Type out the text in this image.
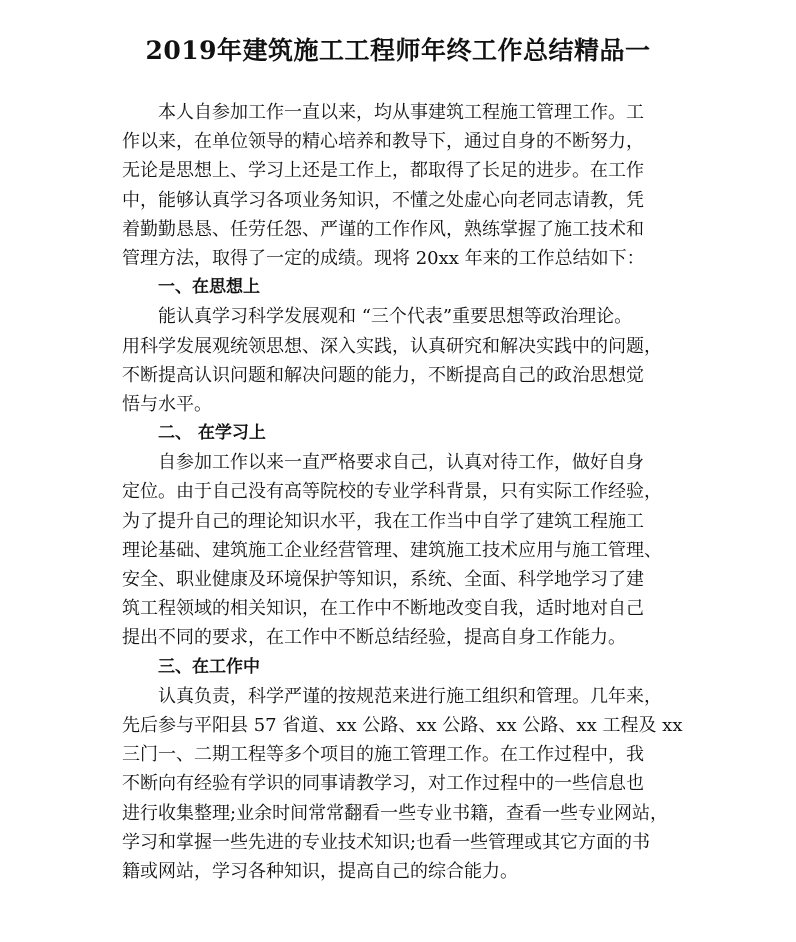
2019年建筑施工工程师年终工作总结精品一
本人自参加工作一直以来，均从事建筑工程施工管理工作。工
作以来，在单位领导的精心培养和教导下，通过自身的不断努力，
无论是思想上、学习上还是工作上，都取得了长足的进步。在工作
中，能够认真学习各项业务知识，不懂之处虚心向老同志请教，凭
着勤勤恳恳、任劳任怨、严谨的工作作风，熟练掌握了施工技术和
管理方法，取得了一定的成绩。现将 20xx 年来的工作总结如下：
一、在思想上
能认真学习科学发展观和 “三个代表”重要思想等政治理论。
用科学发展观统领思想、深入实践，认真研究和解决实践中的问题，
不断提高认识问题和解决问题的能力，不断提高自己的政治思想觉
悟与水平。
二、 在学习上
自参加工作以来一直严格要求自己，认真对待工作，做好自身
定位。由于自己没有高等院校的专业学科背景，只有实际工作经验，
为了提升自己的理论知识水平，我在工作当中自学了建筑工程施工
理论基础、建筑施工企业经营管理、建筑施工技术应用与施工管理、
安全、职业健康及环境保护等知识，系统、全面、科学地学习了建
筑工程领域的相关知识，在工作中不断地改变自我，适时地对自己
提出不同的要求，在工作中不断总结经验，提高自身工作能力。
三、在工作中
认真负责，科学严谨的按规范来进行施工组织和管理。几年来，
先后参与平阳县 57 省道、xx 公路、xx 公路、xx 公路、xx 工程及 xx
三门一、二期工程等多个项目的施工管理工作。在工作过程中，我
不断向有经验有学识的同事请教学习，对工作过程中的一些信息也
进行收集整理;业余时间常常翻看一些专业书籍，查看一些专业网站，
学习和掌握一些先进的专业技术知识;也看一些管理或其它方面的书
籍或网站，学习各种知识，提高自己的综合能力。
